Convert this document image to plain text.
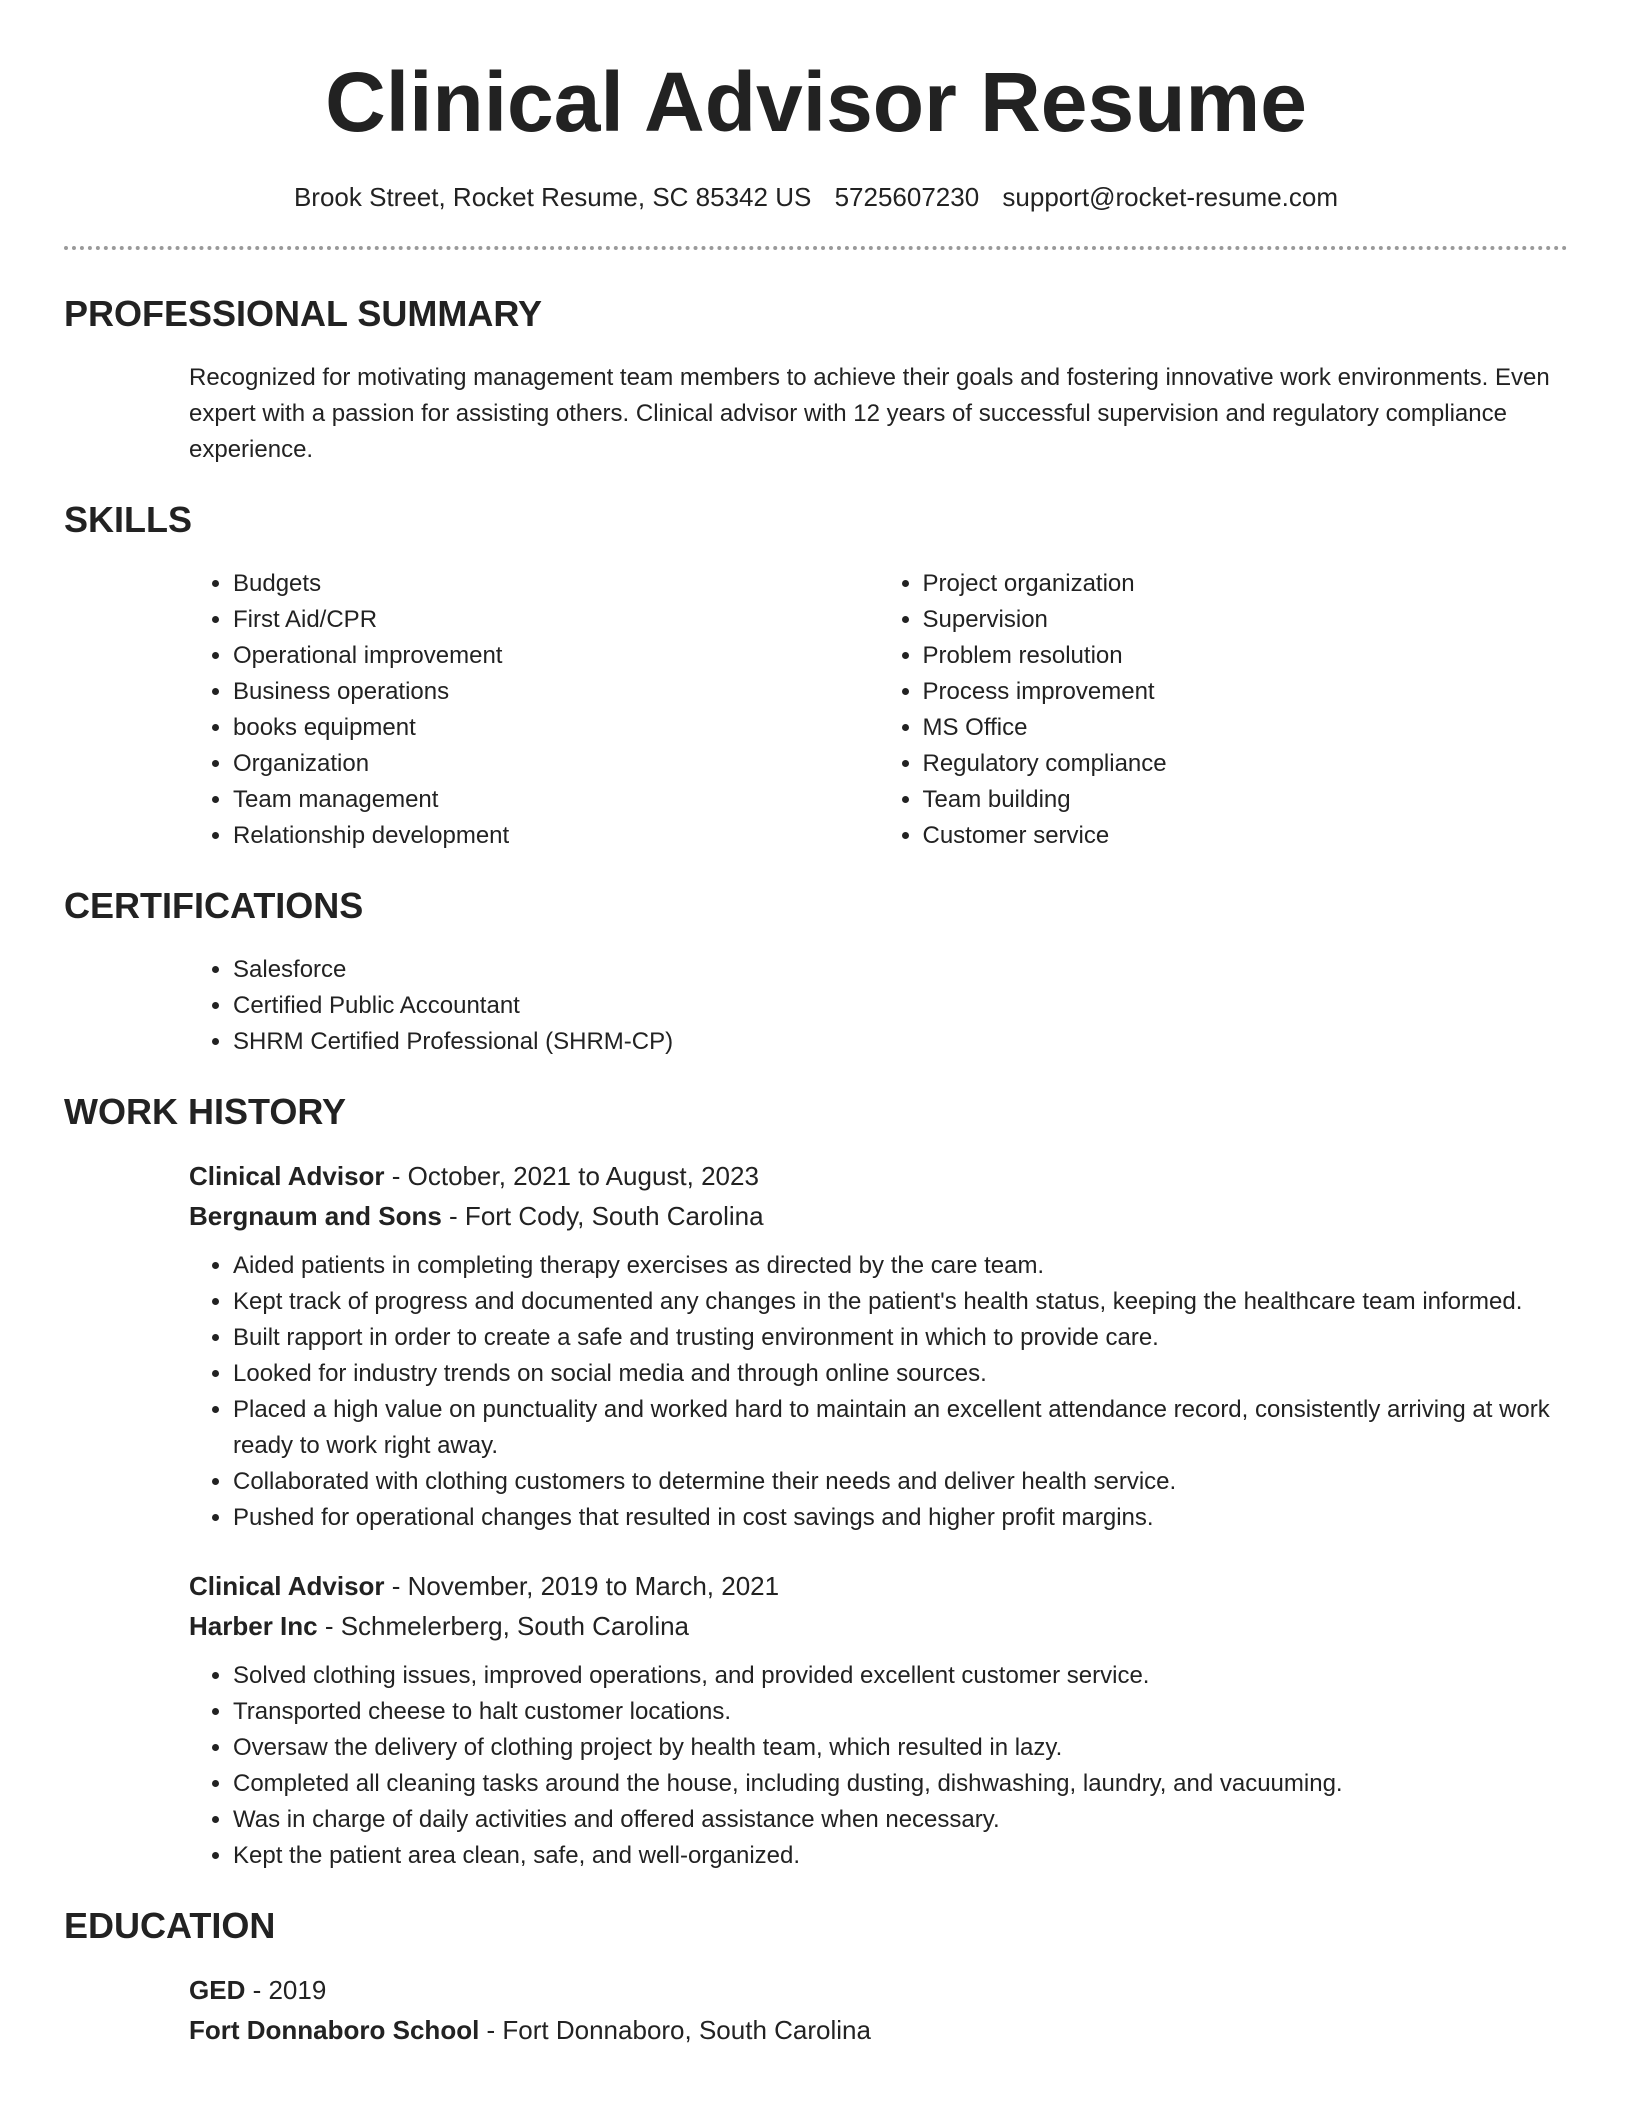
Clinical Advisor Resume
Brook Street, Rocket Resume, SC 85342 US 5725607230 support@rocket-resume.com
PROFESSIONAL SUMMARY

Recognized for motivating management team members to achieve their goals and fostering innovative work environments. Even expert with a passion for assisting others. Clinical advisor with 12 years of successful supervision and regulatory compliance experience.

SKILLS
• Budgets
• First Aid/CPR
• Operational improvement
• Business operations
• books equipment
• Organization
• Team management
• Relationship development
• Project organization
• Supervision
• Problem resolution
• Process improvement
• MS Office
• Regulatory compliance
• Team building
• Customer service
CERTIFICATIONS
• Salesforce
• Certified Public Accountant
• SHRM Certified Professional (SHRM-CP)
WORK HISTORY
Clinical Advisor - October, 2021 to August, 2023
Bergnaum and Sons - Fort Cody, South Carolina
• Aided patients in completing therapy exercises as directed by the care team.
• Kept track of progress and documented any changes in the patient's health status, keeping the healthcare team informed.
• Built rapport in order to create a safe and trusting environment in which to provide care.
• Looked for industry trends on social media and through online sources.
• Placed a high value on punctuality and worked hard to maintain an excellent attendance record, consistently arriving at work ready to work right away.
• Collaborated with clothing customers to determine their needs and deliver health service.
• Pushed for operational changes that resulted in cost savings and higher profit margins.
Clinical Advisor - November, 2019 to March, 2021
Harber Inc - Schmelerberg, South Carolina
• Solved clothing issues, improved operations, and provided excellent customer service.
• Transported cheese to halt customer locations.
• Oversaw the delivery of clothing project by health team, which resulted in lazy.
• Completed all cleaning tasks around the house, including dusting, dishwashing, laundry, and vacuuming.
• Was in charge of daily activities and offered assistance when necessary.
• Kept the patient area clean, safe, and well-organized.
EDUCATION
GED - 2019
Fort Donnaboro School - Fort Donnaboro, South Carolina
